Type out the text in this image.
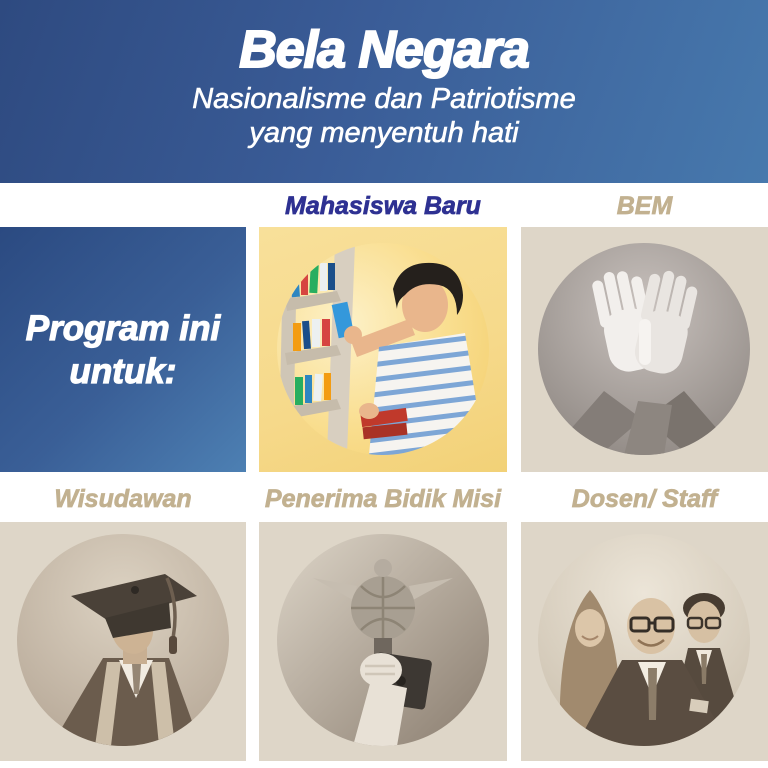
Bela Negara
Nasionalisme dan Patriotisme
yang menyentuh hati
Mahasiswa Baru	BEM
Program ini
untuk:
Wisudawan	Penerima Bidik Misi	Dosen/ Staff
